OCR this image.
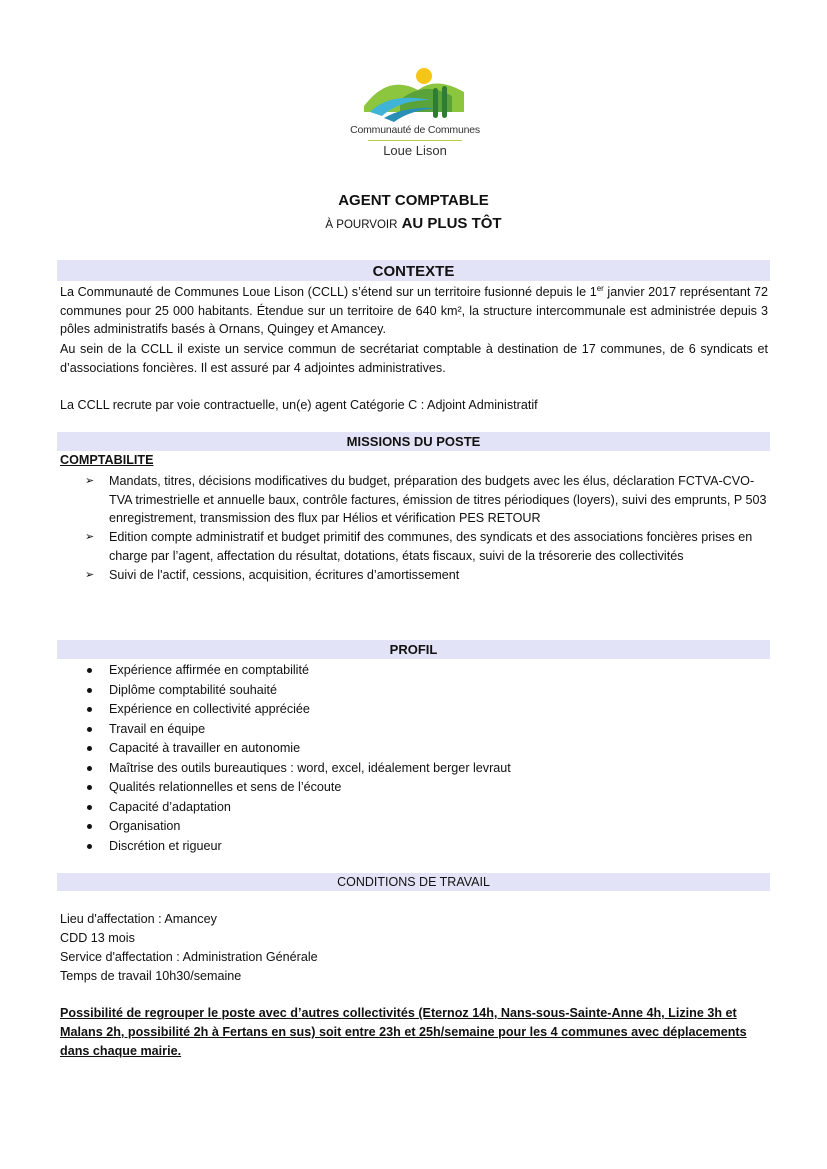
Communauté de Communes
Loue Lison
AGENT COMPTABLE
À POURVOIR AU PLUS TÔT
CONTEXTE
La Communauté de Communes Loue Lison (CCLL) s’étend sur un territoire fusionné depuis le 1er janvier 2017 représentant 72 communes pour 25 000 habitants. Étendue sur un territoire de 640 km², la structure intercommunale est administrée depuis 3 pôles administratifs basés à Ornans, Quingey et Amancey.
Au sein de la CCLL il existe un service commun de secrétariat comptable à destination de 17 communes, de 6 syndicats et d’associations foncières. Il est assuré par 4 adjointes administratives.
La CCLL recrute par voie contractuelle, un(e) agent Catégorie C : Adjoint Administratif
MISSIONS DU POSTE
COMPTABILITE
➢ Mandats, titres, décisions modificatives du budget, préparation des budgets avec les élus, déclaration FCTVA-CVO-TVA trimestrielle et annuelle baux, contrôle factures, émission de titres périodiques (loyers), suivi des emprunts, P 503 enregistrement, transmission des flux par Hélios et vérification PES RETOUR
➢ Edition compte administratif et budget primitif des communes, des syndicats et des associations foncières prises en charge par l’agent, affectation du résultat, dotations, états fiscaux, suivi de la trésorerie des collectivités
➢ Suivi de l'actif, cessions, acquisition, écritures d’amortissement
PROFIL
Expérience affirmée en comptabilité
Diplôme comptabilité souhaité
Expérience en collectivité appréciée
Travail en équipe
Capacité à travailler en autonomie
Maîtrise des outils bureautiques : word, excel, idéalement berger levraut
Qualités relationnelles et sens de l’écoute
Capacité d’adaptation
Organisation
Discrétion et rigueur
CONDITIONS DE TRAVAIL
Lieu d'affectation : Amancey
CDD 13 mois
Service d'affectation : Administration Générale
Temps de travail 10h30/semaine
Possibilité de regrouper le poste avec d’autres collectivités (Eternoz 14h, Nans-sous-Sainte-Anne 4h, Lizine 3h et Malans 2h, possibilité 2h à Fertans en sus) soit entre 23h et 25h/semaine pour les 4 communes avec déplacements dans chaque mairie.
